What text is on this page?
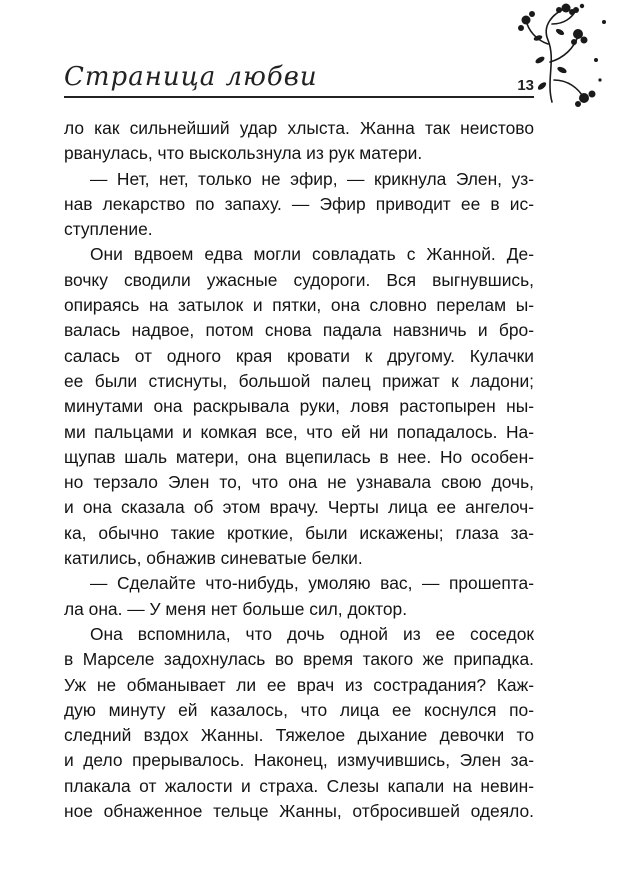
Страница любви	13
ло как сильнейший удар хлыста. Жанна так неистово
рванулась, что выскользнула из рук матери.
— Нет, нет, только не эфир, — крикнула Элен, уз-
нав лекарство по запаху. — Эфир приводит ее в ис-
ступление.
Они вдвоем едва могли совладать с Жанной. Де-
вочку сводили ужасные судороги. Вся выгнувшись,
опираясь на затылок и пятки, она словно перелам ы-
валась надвое, потом снова падала навзничь и бро-
салась от одного края кровати к другому. Кулачки
ее были стиснуты, большой палец прижат к ладони;
минутами она раскрывала руки, ловя растопырен ны-
ми пальцами и комкая все, что ей ни попадалось. На-
щупав шаль матери, она вцепилась в нее. Но особен-
но терзало Элен то, что она не узнавала свою дочь,
и она сказала об этом врачу. Черты лица ее ангелоч-
ка, обычно такие кроткие, были искажены; глаза за-
катились, обнажив синеватые белки.
— Сделайте что-нибудь, умоляю вас, — прошепта-
ла она. — У меня нет больше сил, доктор.
Она вспомнила, что дочь одной из ее соседок
в Марселе задохнулась во время такого же припадка.
Уж не обманывает ли ее врач из сострадания? Каж-
дую минуту ей казалось, что лица ее коснулся по-
следний вздох Жанны. Тяжелое дыхание девочки то
и дело прерывалось. Наконец, измучившись, Элен за-
плакала от жалости и страха. Слезы капали на невин-
ное обнаженное тельце Жанны, отбросившей одеяло.
